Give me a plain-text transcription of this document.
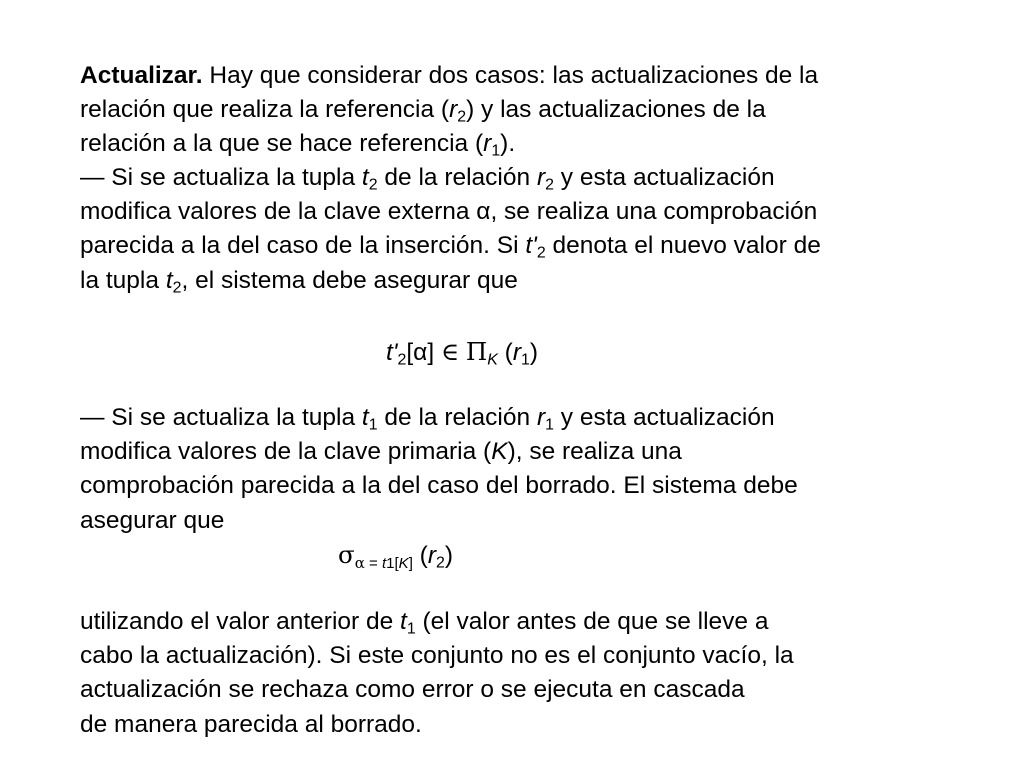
Actualizar. Hay que considerar dos casos: las actualizaciones de la
relación que realiza la referencia $(r_2)$ y las actualizaciones de la
relación a la que se hace referencia $(r_1)$.
— Si se actualiza la tupla $t_2$ de la relación $r_2$ y esta actualización
modifica valores de la clave externa α, se realiza una comprobación
parecida a la del caso de la inserción. Si $t'_2$ denota el nuevo valor de
la tupla $t_2$, el sistema debe asegurar que
$t'_2[\alpha]$ ∈ $\Pi_K$ $(r_1)$
— Si se actualiza la tupla $t_1$ de la relación $r_1$ y esta actualización
modifica valores de la clave primaria (K), se realiza una
comprobación parecida a la del caso del borrado. El sistema debe
asegurar que
$\sigma_{\alpha = t1[K]}$ $(r_2)$
utilizando el valor anterior de $t_1$ (el valor antes de que se lleve a
cabo la actualización). Si este conjunto no es el conjunto vacío, la
actualización se rechaza como error o se ejecuta en cascada
de manera parecida al borrado.
